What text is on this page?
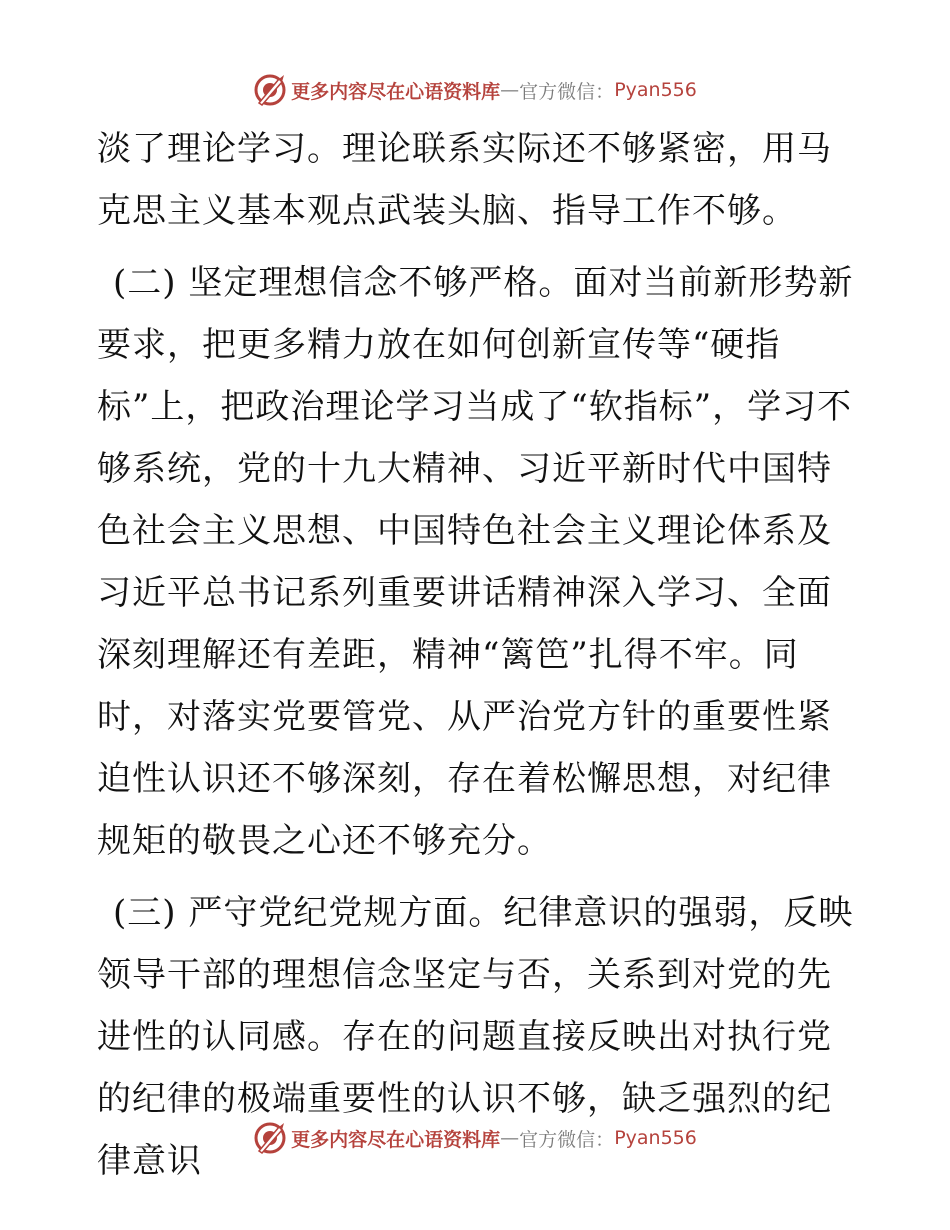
更多内容尽在心语资料库 — 官方微信： Pyan556

淡了理论学习。理论联系实际还不够紧密，用马克思主义基本观点武装头脑、指导工作不够。

(二) 坚定理想信念不够严格。面对当前新形势新要求，把更多精力放在如何创新宣传等“硬指标”上，把政治理论学习当成了“软指标”，学习不够系统，党的十九大精神、习近平新时代中国特色社会主义思想、中国特色社会主义理论体系及习近平总书记系列重要讲话精神深入学习、全面深刻理解还有差距，精神“篱笆”扎得不牢。同时，对落实党要管党、从严治党方针的重要性紧迫性认识还不够深刻，存在着松懈思想，对纪律规矩的敬畏之心还不够充分。

(三) 严守党纪党规方面。纪律意识的强弱，反映领导干部的理想信念坚定与否，关系到对党的先进性的认同感。存在的问题直接反映出对执行党的纪律的极端重要性的认识不够，缺乏强烈的纪律意识

更多内容尽在心语资料库 — 官方微信： Pyan556
